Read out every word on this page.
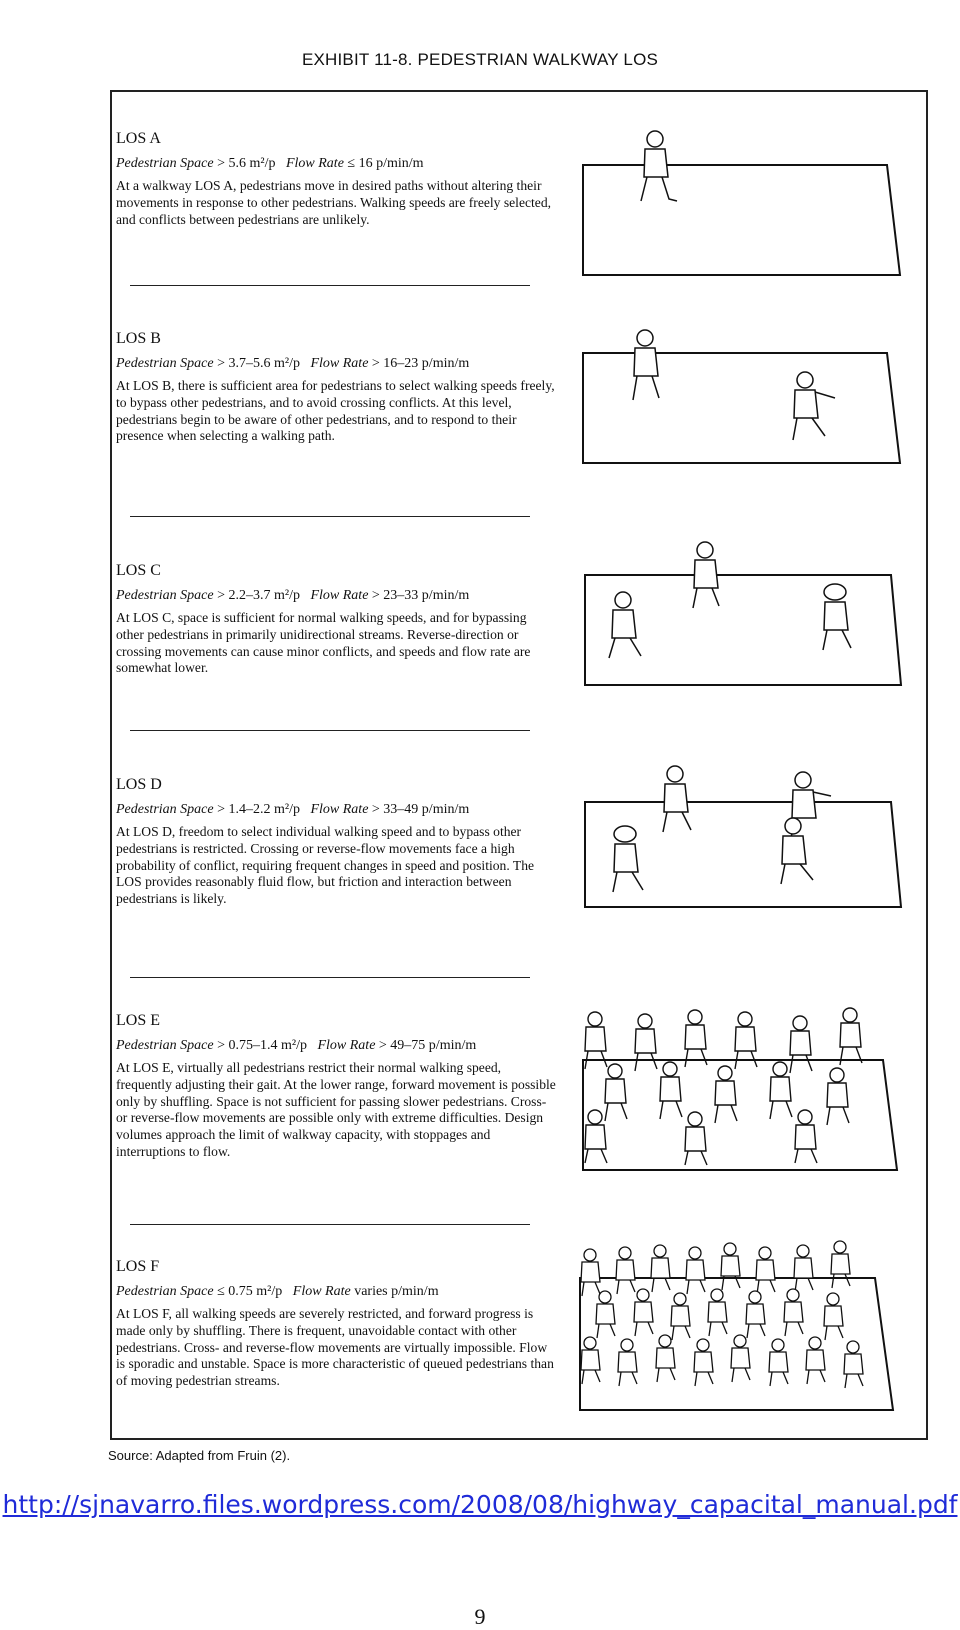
EXHIBIT 11-8. PEDESTRIAN WALKWAY LOS
LOS A
Pedestrian Space > 5.6 m²/p Flow Rate ≤ 16 p/min/m

At a walkway LOS A, pedestrians move in desired paths without altering their movements in response to other pedestrians. Walking speeds are freely selected, and conflicts between pedestrians are unlikely.

LOS B
Pedestrian Space > 3.7–5.6 m²/p Flow Rate > 16–23 p/min/m

At LOS B, there is sufficient area for pedestrians to select walking speeds freely, to bypass other pedestrians, and to avoid crossing conflicts. At this level, pedestrians begin to be aware of other pedestrians, and to respond to their presence when selecting a walking path.

LOS C
Pedestrian Space > 2.2–3.7 m²/p Flow Rate > 23–33 p/min/m

At LOS C, space is sufficient for normal walking speeds, and for bypassing other pedestrians in primarily unidirectional streams. Reverse-direction or crossing movements can cause minor conflicts, and speeds and flow rate are somewhat lower.

LOS D
Pedestrian Space > 1.4–2.2 m²/p Flow Rate > 33–49 p/min/m

At LOS D, freedom to select individual walking speed and to bypass other pedestrians is restricted. Crossing or reverse-flow movements face a high probability of conflict, requiring frequent changes in speed and position. The LOS provides reasonably fluid flow, but friction and interaction between pedestrians is likely.

LOS E
Pedestrian Space > 0.75–1.4 m²/p Flow Rate > 49–75 p/min/m

At LOS E, virtually all pedestrians restrict their normal walking speed, frequently adjusting their gait. At the lower range, forward movement is possible only by shuffling. Space is not sufficient for passing slower pedestrians. Cross- or reverse-flow movements are possible only with extreme difficulties. Design volumes approach the limit of walkway capacity, with stoppages and interruptions to flow.

LOS F
Pedestrian Space ≤ 0.75 m²/p Flow Rate varies p/min/m

At LOS F, all walking speeds are severely restricted, and forward progress is made only by shuffling. There is frequent, unavoidable contact with other pedestrians. Cross- and reverse-flow movements are virtually impossible. Flow is sporadic and unstable. Space is more characteristic of queued pedestrians than of moving pedestrian streams.

Source: Adapted from Fruin (2).
http://sjnavarro.files.wordpress.com/2008/08/highway_capacital_manual.pdf
9
